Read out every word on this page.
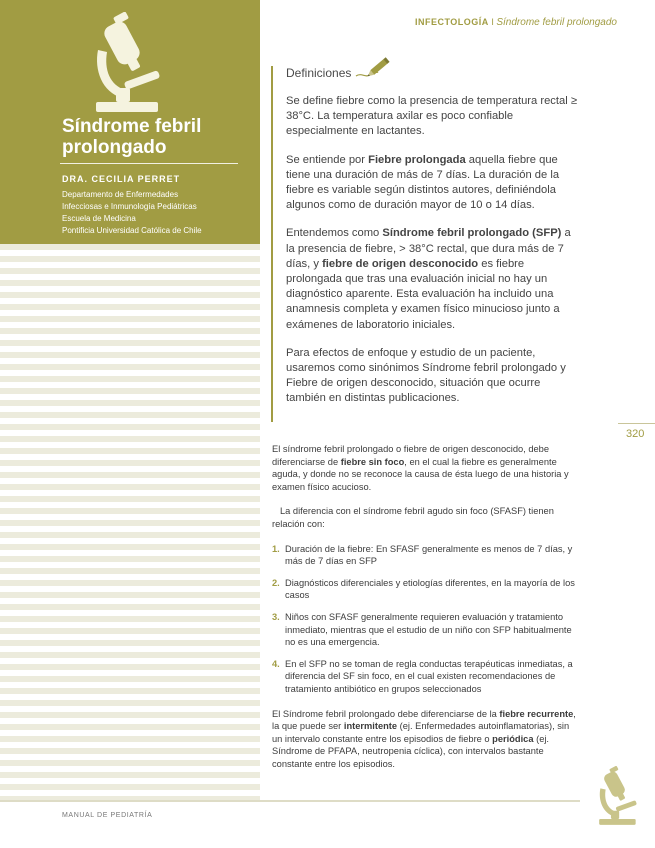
Síndrome febril
prolongado
DRA. CECILIA PERRET
Departamento de Enfermedades
Infecciosas e Inmunología Pediátricas
Escuela de Medicina
Pontificia Universidad Católica de Chile
INFECTOLOGÍA I Síndrome febril prolongado
Definiciones

Se define fiebre como la presencia de temperatura rectal ≥ 38°C. La temperatura axilar es poco confiable especialmente en lactantes.

Se entiende por Fiebre prolongada aquella fiebre que tiene una duración de más de 7 días. La duración de la fiebre es variable según distintos autores, definiéndola algunos como de duración mayor de 10 o 14 días.

Entendemos como Síndrome febril prolongado (SFP) a la presencia de fiebre, > 38°C rectal, que dura más de 7 días, y fiebre de origen desconocido es fiebre prolongada que tras una evaluación inicial no hay un diagnóstico aparente. Esta evaluación ha incluido una anamnesis completa y examen físico minucioso junto a exámenes de laboratorio iniciales.

Para efectos de enfoque y estudio de un paciente, usaremos como sinónimos Síndrome febril prolongado y Fiebre de origen desconocido, situación que ocurre también en distintas publicaciones.

320

El síndrome febril prolongado o fiebre de origen desconocido, debe diferenciarse de fiebre sin foco, en el cual la fiebre es generalmente aguda, y donde no se reconoce la causa de ésta luego de una historia y examen físico acucioso.

La diferencia con el síndrome febril agudo sin foco (SFASF) tienen relación con:

1. Duración de la fiebre: En SFASF generalmente es menos de 7 días, y más de 7 días en SFP
2. Diagnósticos diferenciales y etiologías diferentes, en la mayoría de los casos
3. Niños con SFASF generalmente requieren evaluación y tratamiento inmediato, mientras que el estudio de un niño con SFP habitualmente no es una emergencia.
4. En el SFP no se toman de regla conductas terapéuticas inmediatas, a diferencia del SF sin foco, en el cual existen recomendaciones de tratamiento antibiótico en grupos seleccionados

El Síndrome febril prolongado debe diferenciarse de la fiebre recurrente, la que puede ser intermitente (ej. Enfermedades autoinflamatorias), sin un intervalo constante entre los episodios de fiebre o periódica (ej. Síndrome de PFAPA, neutropenia cíclica), con intervalos bastante constante entre los episodios.

MANUAL DE PEDIATRÍA
